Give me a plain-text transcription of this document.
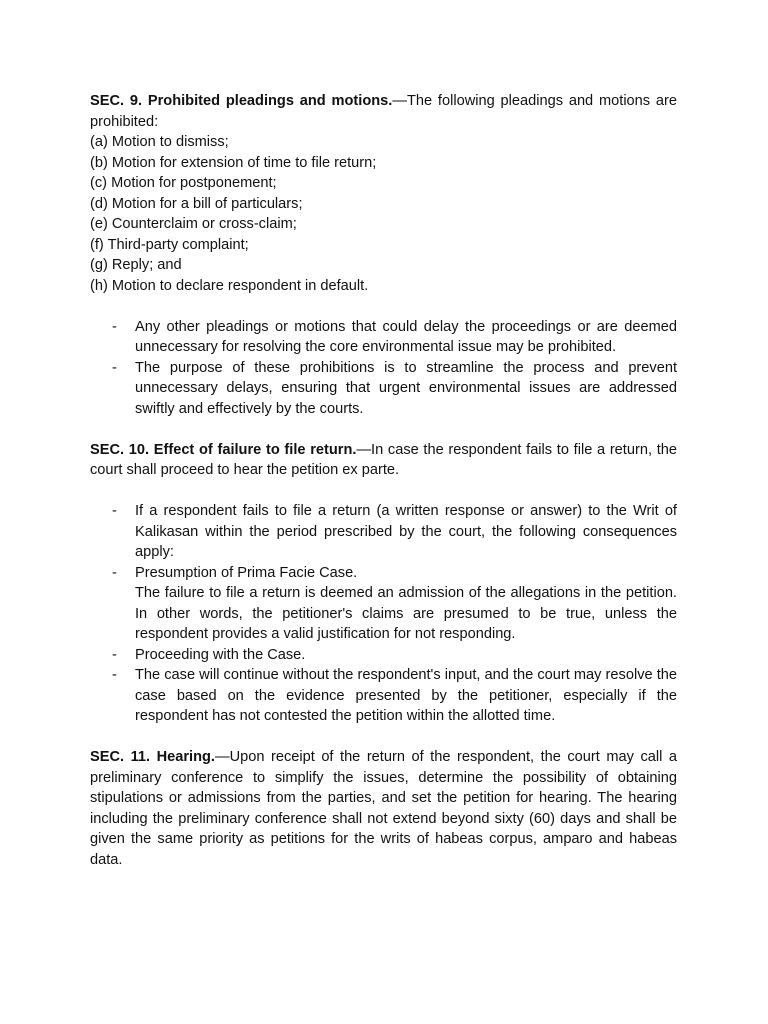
SEC. 9. Prohibited pleadings and motions.—The following pleadings and motions are prohibited:

(a) Motion to dismiss;

(b) Motion for extension of time to file return;

(c) Motion for postponement;

(d) Motion for a bill of particulars;

(e) Counterclaim or cross-claim;

(f) Third-party complaint;

(g) Reply; and

(h) Motion to declare respondent in default.

- Any other pleadings or motions that could delay the proceedings or are deemed unnecessary for resolving the core environmental issue may be prohibited.
- The purpose of these prohibitions is to streamline the process and prevent unnecessary delays, ensuring that urgent environmental issues are addressed swiftly and effectively by the courts.

SEC. 10. Effect of failure to file return.—In case the respondent fails to file a return, the court shall proceed to hear the petition ex parte.

- If a respondent fails to file a return (a written response or answer) to the Writ of Kalikasan within the period prescribed by the court, the following consequences apply:
- Presumption of Prima Facie Case.
The failure to file a return is deemed an admission of the allegations in the petition. In other words, the petitioner's claims are presumed to be true, unless the respondent provides a valid justification for not responding.
- Proceeding with the Case.
- The case will continue without the respondent's input, and the court may resolve the case based on the evidence presented by the petitioner, especially if the respondent has not contested the petition within the allotted time.

SEC. 11. Hearing.—Upon receipt of the return of the respondent, the court may call a preliminary conference to simplify the issues, determine the possibility of obtaining stipulations or admissions from the parties, and set the petition for hearing. The hearing including the preliminary conference shall not extend beyond sixty (60) days and shall be given the same priority as petitions for the writs of habeas corpus, amparo and habeas data.
